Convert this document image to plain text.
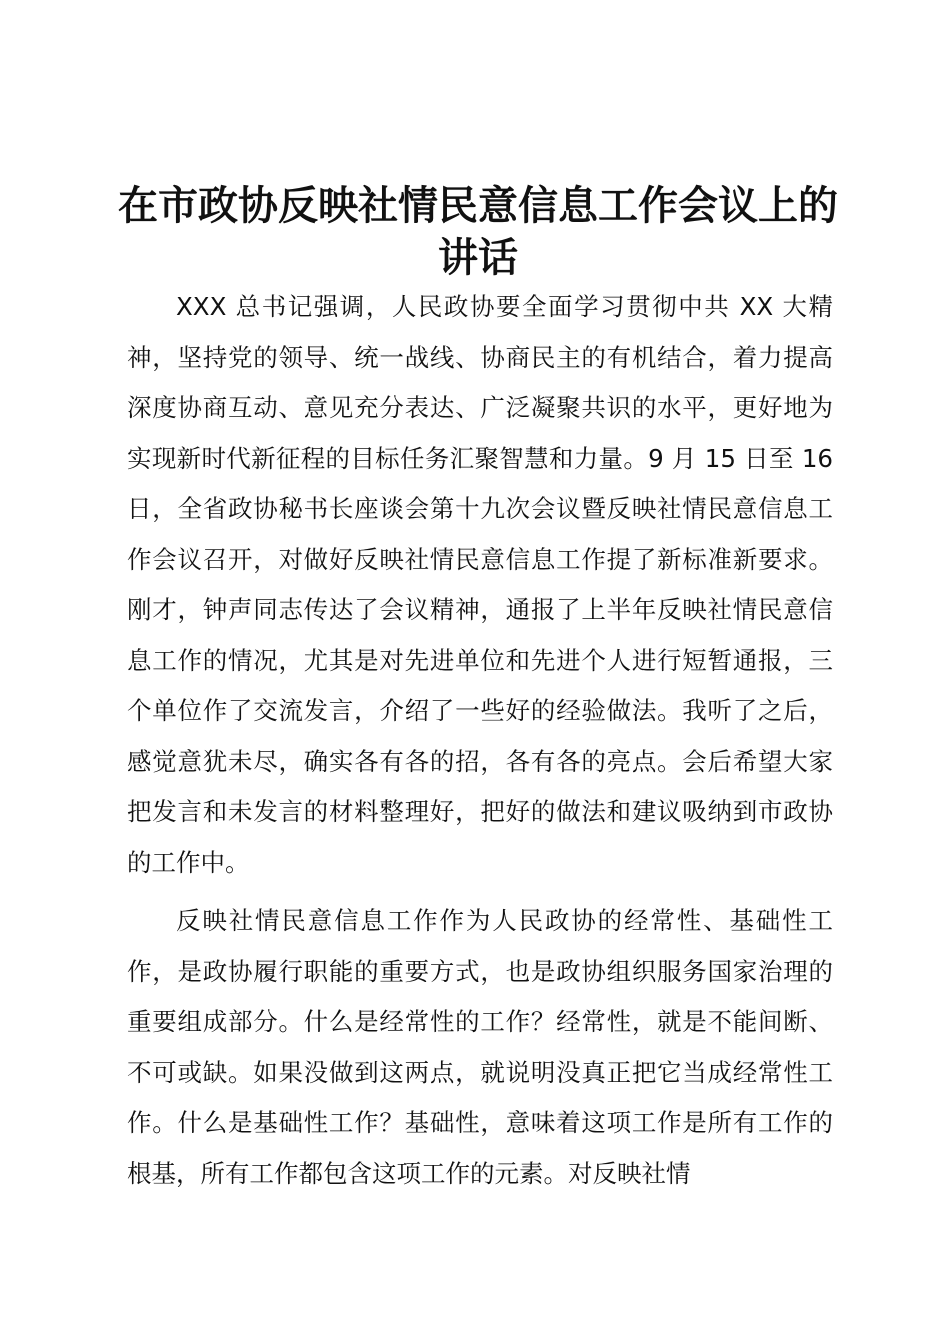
在市政协反映社情民意信息工作会议上的讲话

XXX 总书记强调，人民政协要全面学习贯彻中共 XX 大精神，坚持党的领导、统一战线、协商民主的有机结合，着力提高深度协商互动、意见充分表达、广泛凝聚共识的水平，更好地为实现新时代新征程的目标任务汇聚智慧和力量。9 月 15 日至 16 日，全省政协秘书长座谈会第十九次会议暨反映社情民意信息工作会议召开，对做好反映社情民意信息工作提了新标准新要求。刚才，钟声同志传达了会议精神，通报了上半年反映社情民意信息工作的情况，尤其是对先进单位和先进个人进行短暂通报，三个单位作了交流发言，介绍了一些好的经验做法。我听了之后，感觉意犹未尽，确实各有各的招，各有各的亮点。会后希望大家把发言和未发言的材料整理好，把好的做法和建议吸纳到市政协的工作中。

反映社情民意信息工作作为人民政协的经常性、基础性工作，是政协履行职能的重要方式，也是政协组织服务国家治理的重要组成部分。什么是经常性的工作？经常性，就是不能间断、不可或缺。如果没做到这两点，就说明没真正把它当成经常性工作。什么是基础性工作？基础性，意味着这项工作是所有工作的根基，所有工作都包含这项工作的元素。对反映社情
